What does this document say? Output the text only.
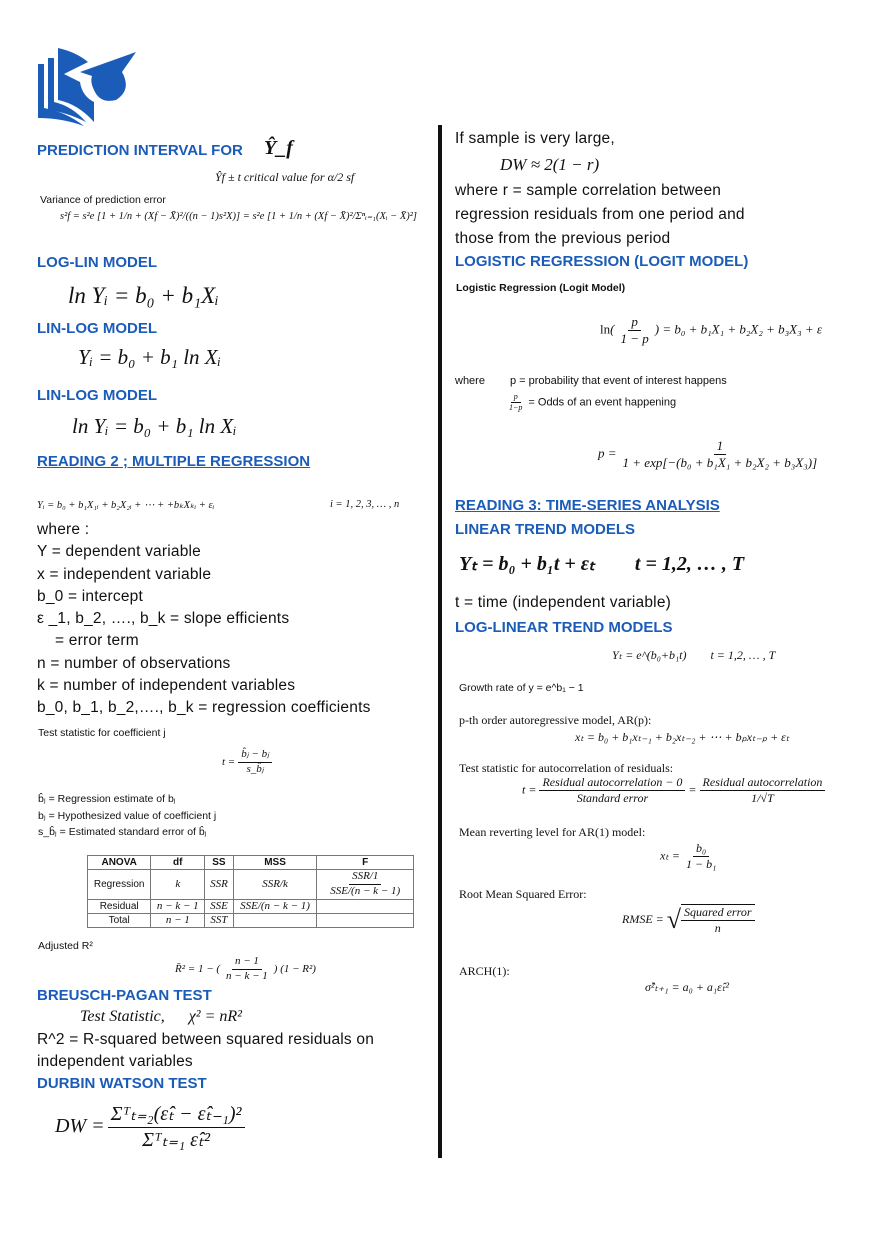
PREDICTION INTERVAL FOR Ŷ_f
Ŷf ± t critical value for α/2 sf
Variance of prediction error
s²f = s²e [1 + 1/n + (Xf − X̄)²/((n − 1)s²X)] = s²e [1 + 1/n + (Xf − X̄)²/Σⁿᵢ₌₁(Xᵢ − X̄)²]
LOG-LIN MODEL
ln Yᵢ = b₀ + b₁Xᵢ
LIN-LOG MODEL
Yᵢ = b₀ + b₁ ln Xᵢ
LIN-LOG MODEL
ln Yᵢ = b₀ + b₁ ln Xᵢ
READING 2 ; MULTIPLE REGRESSION
Yᵢ = b₀ + b₁X₁ᵢ + b₂X₂ᵢ + ⋯ + +bₖXₖᵢ + εᵢ	i = 1, 2, 3, … , n
where :
Y = dependent variable
x = independent variable
b_0 = intercept
ε _1, b_2, …., b_k = slope efficients
= error term
n = number of observations
k = number of independent variables
b_0, b_1, b_2,…., b_k = regression coefficients
Test statistic for coefficient j
$t = \frac{\text{b̂ⱼ − bⱼ}}{\text{s\_b̂ⱼ}}$
b̂ⱼ = Regression estimate of bⱼ
bⱼ = Hypothesized value of coefficient j
s_b̂ⱼ = Estimated standard error of b̂ⱼ
ANOVA	df	SS	MSS	F
Regression	k	SSR	SSR/k	SSR/1
SSE/(n − k − 1)

Residual	n − k − 1	SSE	SSE/(n − k − 1)	
Total	n − 1	SST		
Adjusted R²
R̄² = 1 − ( $\frac{n - 1}{n - k - 1}$ ) (1 − R²)
BREUSCH-PAGAN TEST
Test Statistic,      χ² = nR²
R^2 = R-squared between squared residuals on
independent variables
DURBIN WATSON TEST
DW =
Σᵀₜ₌₂(ε̂ₜ − ε̂ₜ₋₁)²
Σᵀₜ₌₁ ε̂ₜ²
If sample is very large,
DW ≈ 2(1 − r)
where r = sample correlation between
regression residuals from one period and
those from the previous period
LOGISTIC REGRESSION (LOGIT MODEL)
Logistic Regression (Logit Model)
$\ln( \frac{p}{1 - p}$ ) = b₀ + b₁X₁ + b₂X₂ + b₃X₃ + ε
where p = probability that event of interest happens
$\frac{p}{1-p}$ = Odds of an event happening
$p = \frac{1}{\text{1 + exp[−(b₀ + b₁X₁ + b₂X₂ + b₃X₃)]}}$
READING 3: TIME-SERIES ANALYSIS
LINEAR TREND MODELS
Yₜ = b₀ + b₁t + εₜ        t = 1,2, … , T
t = time (independent variable)
LOG-LINEAR TREND MODELS
Yₜ = e^(b₀+b₁t)        t = 1,2, … , T
Growth rate of y = e^b₁ − 1
p-th order autoregressive model, AR(p):
xₜ = b₀ + b₁xₜ₋₁ + b₂xₜ₋₂ + ⋯ + bₚxₜ₋ₚ + εₜ
Test statistic for autocorrelation of residuals:
t =
Residual autocorrelation − 0
Standard error
=
Residual autocorrelation
1/√T
Mean reverting level for AR(1) model:
$x_t = \frac{\text{b₀}}{\text{1 − b₁}}$
Root Mean Squared Error:
RMSE = √ Squared error
n
ARCH(1):
σ̂²ₜ₊₁ = a₀ + a₁ε̂ₜ²
